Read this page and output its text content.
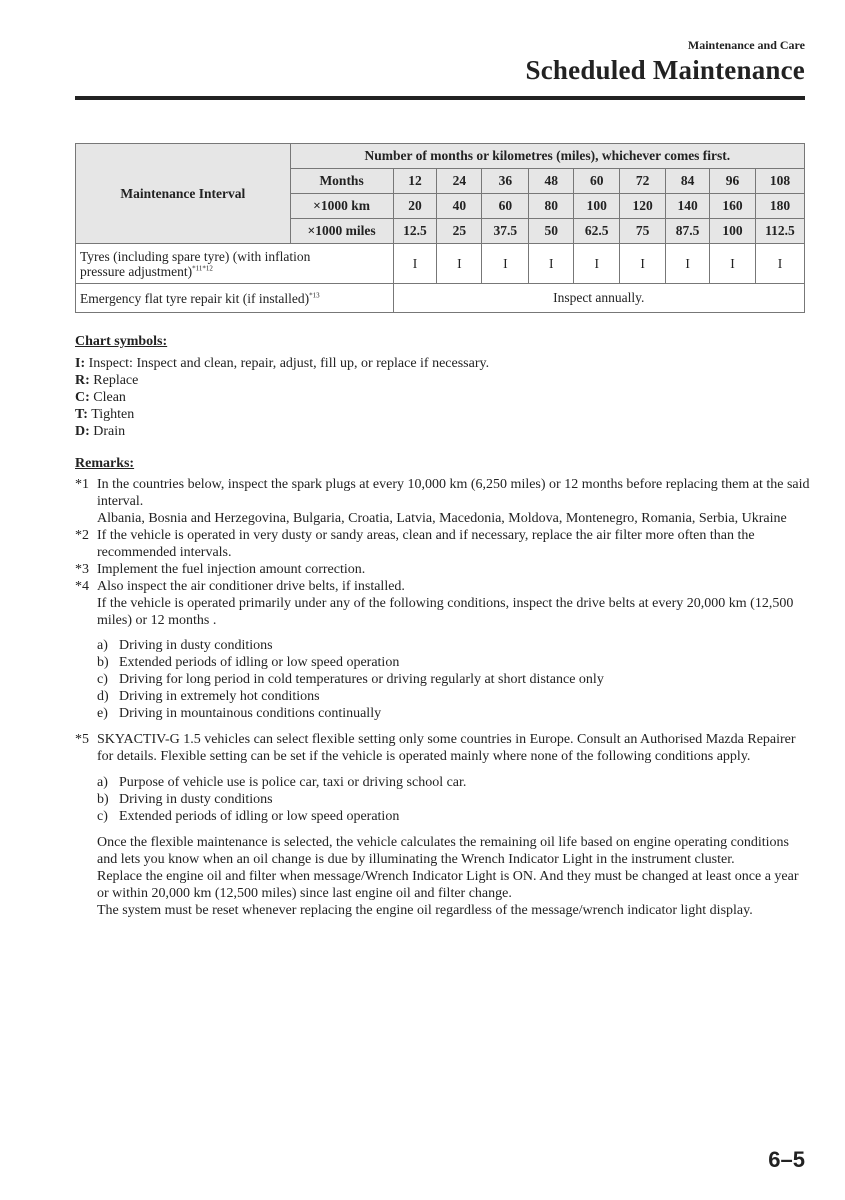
Maintenance and Care
Scheduled Maintenance
Maintenance Interval	Number of months or kilometres (miles), whichever comes first.									
	Months	12	24	36	48	60	72	84	96	108
	×1000 km	20	40	60	80	100	120	140	160	180
	×1000 miles	12.5	25	37.5	50	62.5	75	87.5	100	112.5
Tyres (including spare tyre) (with inflation
pressure adjustment)$^{*11*12}$		I	I	I	I	I	I	I	I	I
Emergency flat tyre repair kit (if installed)$^{*13}$		Inspect annually.								

Chart symbols:

I: Inspect: Inspect and clean, repair, adjust, fill up, or replace if necessary.

R: Replace

C: Clean

T: Tighten

D: Drain

Remarks:

*1 In the countries below, inspect the spark plugs at every 10,000 km (6,250 miles) or 12 months before replacing them at the said interval.

Albania, Bosnia and Herzegovina, Bulgaria, Croatia, Latvia, Macedonia, Moldova, Montenegro, Romania, Serbia, Ukraine

*2 If the vehicle is operated in very dusty or sandy areas, clean and if necessary, replace the air filter more often than the recommended intervals.

*3 Implement the fuel injection amount correction.

*4 Also inspect the air conditioner drive belts, if installed.

If the vehicle is operated primarily under any of the following conditions, inspect the drive belts at every 20,000 km (12,500 miles) or 12 months .

a) Driving in dusty conditions
b) Extended periods of idling or low speed operation
c) Driving for long period in cold temperatures or driving regularly at short distance only
d) Driving in extremely hot conditions
e) Driving in mountainous conditions continually
*5 SKYACTIV-G 1.5 vehicles can select flexible setting only some countries in Europe. Consult an Authorised Mazda Repairer for details. Flexible setting can be set if the vehicle is operated mainly where none of the following conditions apply.

a) Purpose of vehicle use is police car, taxi or driving school car.
b) Driving in dusty conditions
c) Extended periods of idling or low speed operation

Once the flexible maintenance is selected, the vehicle calculates the remaining oil life based on engine operating conditions and lets you know when an oil change is due by illuminating the Wrench Indicator Light in the instrument cluster.

Replace the engine oil and filter when message/Wrench Indicator Light is ON. And they must be changed at least once a year or within 20,000 km (12,500 miles) since last engine oil and filter change.

The system must be reset whenever replacing the engine oil regardless of the message/wrench indicator light display.

6–5
